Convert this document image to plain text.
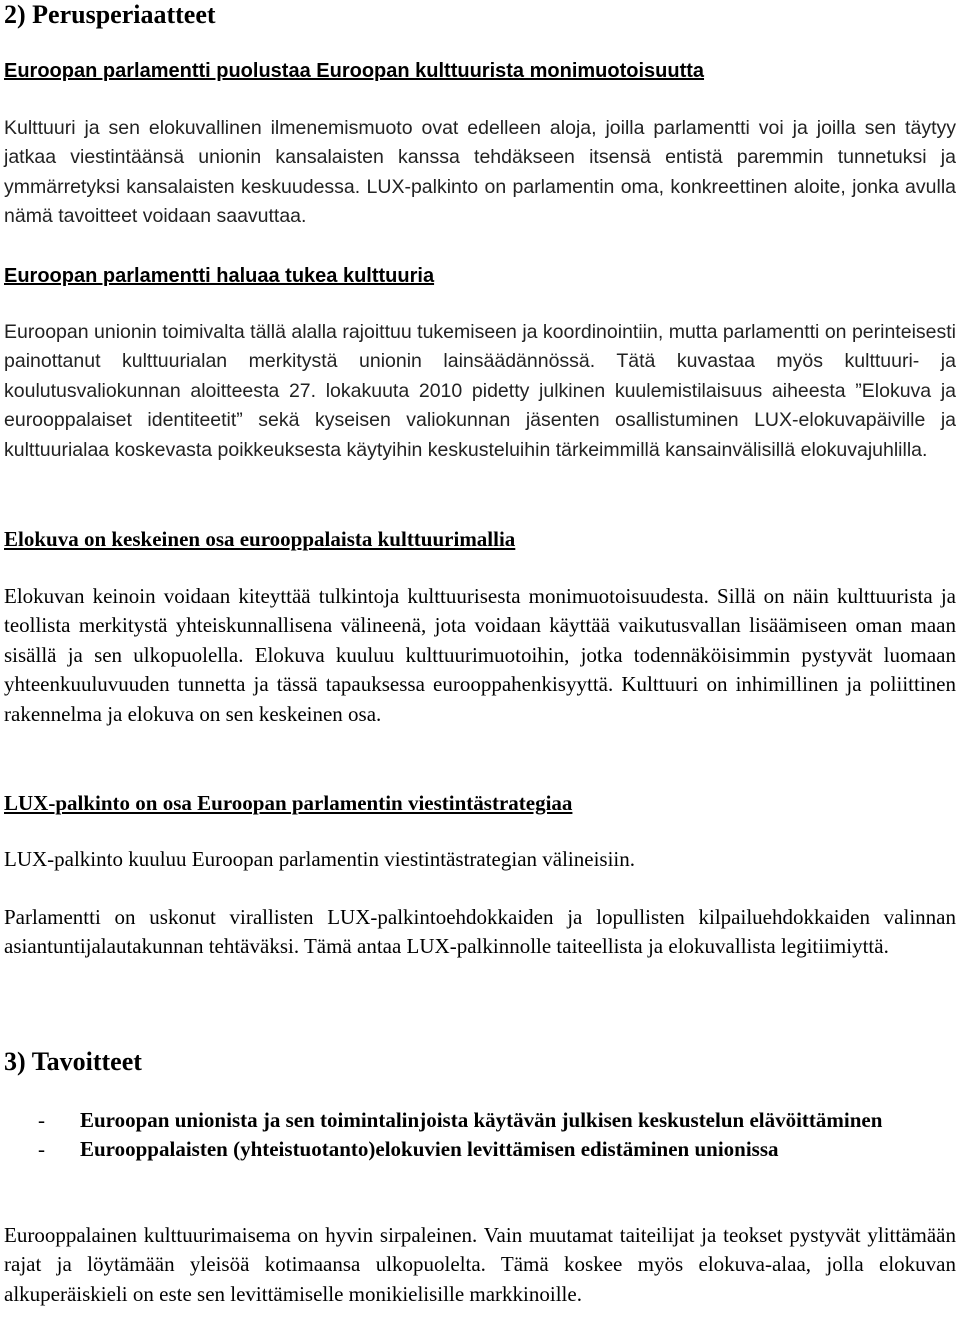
2) Perusperiaatteet
Euroopan parlamentti puolustaa Euroopan kulttuurista monimuotoisuutta

Kulttuuri ja sen elokuvallinen ilmenemismuoto ovat edelleen aloja, joilla parlamentti voi ja joilla sen täytyy jatkaa viestintäänsä unionin kansalaisten kanssa tehdäkseen itsensä entistä paremmin tunnetuksi ja ymmärretyksi kansalaisten keskuudessa. LUX-palkinto on parlamentin oma, konkreettinen aloite, jonka avulla nämä tavoitteet voidaan saavuttaa.

Euroopan parlamentti haluaa tukea kulttuuria

Euroopan unionin toimivalta tällä alalla rajoittuu tukemiseen ja koordinointiin, mutta parlamentti on perinteisesti painottanut kulttuurialan merkitystä unionin lainsäädännössä. Tätä kuvastaa myös kulttuuri- ja koulutusvaliokunnan aloitteesta 27. lokakuuta 2010 pidetty julkinen kuulemistilaisuus aiheesta ”Elokuva ja eurooppalaiset identiteetit” sekä kyseisen valiokunnan jäsenten osallistuminen LUX-elokuvapäiville ja kulttuurialaa koskevasta poikkeuksesta käytyihin keskusteluihin tärkeimmillä kansainvälisillä elokuvajuhlilla.

Elokuva on keskeinen osa eurooppalaista kulttuurimallia

Elokuvan keinoin voidaan kiteyttää tulkintoja kulttuurisesta monimuotoisuudesta. Sillä on näin kulttuurista ja teollista merkitystä yhteiskunnallisena välineenä, jota voidaan käyttää vaikutusvallan lisäämiseen oman maan sisällä ja sen ulkopuolella. Elokuva kuuluu kulttuurimuotoihin, jotka todennäköisimmin pystyvät luomaan yhteenkuuluvuuden tunnetta ja tässä tapauksessa eurooppahenkisyyttä. Kulttuuri on inhimillinen ja poliittinen rakennelma ja elokuva on sen keskeinen osa.

LUX-palkinto on osa Euroopan parlamentin viestintästrategiaa

LUX-palkinto kuuluu Euroopan parlamentin viestintästrategian välineisiin.

Parlamentti on uskonut virallisten LUX-palkintoehdokkaiden ja lopullisten kilpailuehdokkaiden valinnan asiantuntijalautakunnan tehtäväksi. Tämä antaa LUX-palkinnolle taiteellista ja elokuvallista legitiimiyttä.

3) Tavoitteet
- Euroopan unionista ja sen toimintalinjoista käytävän julkisen keskustelun elävöittäminen
- Eurooppalaisten (yhteistuotanto)elokuvien levittämisen edistäminen unionissa

Eurooppalainen kulttuurimaisema on hyvin sirpaleinen. Vain muutamat taiteilijat ja teokset pystyvät ylittämään rajat ja löytämään yleisöä kotimaansa ulkopuolelta. Tämä koskee myös elokuva-alaa, jolla elokuvan alkuperäiskieli on este sen levittämiselle monikielisille markkinoille.
